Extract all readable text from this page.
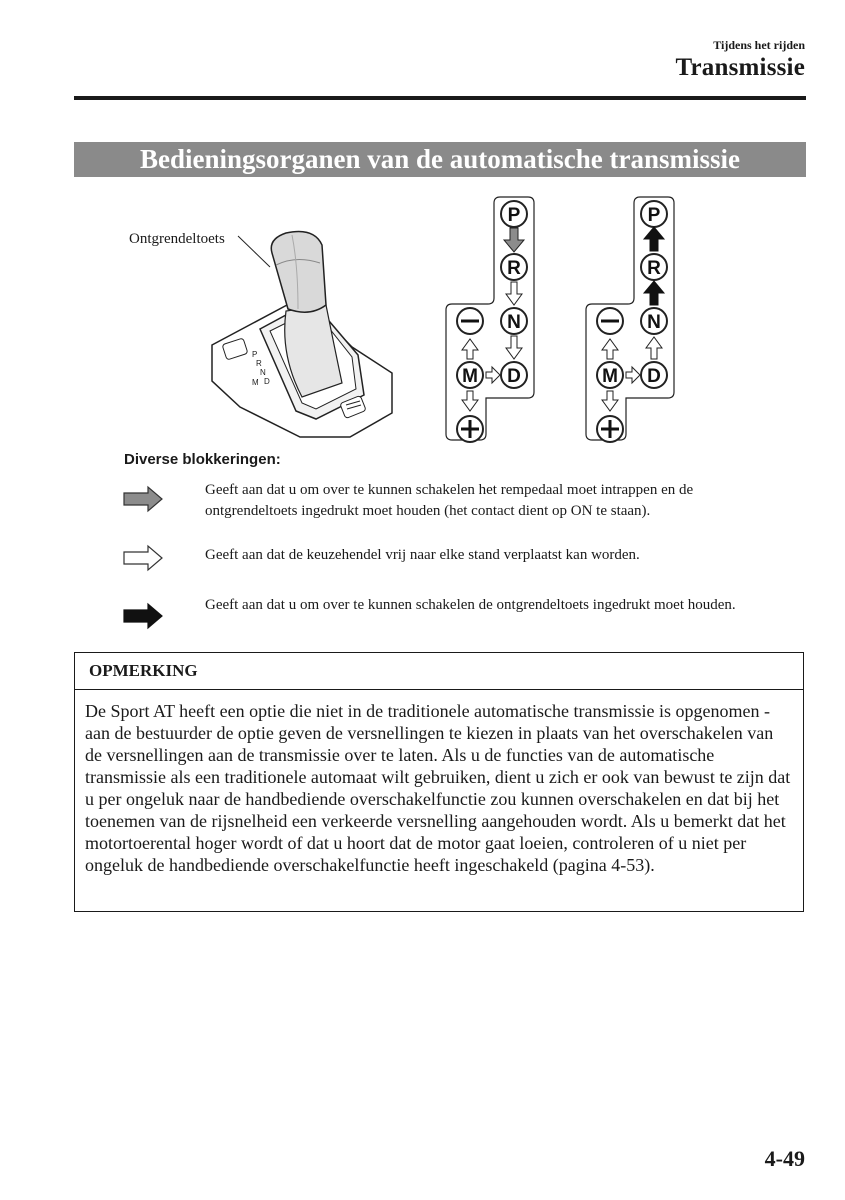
Tijdens het rijden
Transmissie
Bedieningsorganen van de automatische transmissie
Ontgrendeltoets
P
R
N
D
M
P
R
N
D
M
P
R
N
D
M
Diverse blokkeringen:
Geeft aan dat u om over te kunnen schakelen het rempedaal moet intrappen en de ontgrendeltoets ingedrukt moet houden (het contact dient op ON te staan).
Geeft aan dat de keuzehendel vrij naar elke stand verplaatst kan worden.
Geeft aan dat u om over te kunnen schakelen de ontgrendeltoets ingedrukt moet houden.
OPMERKING
De Sport AT heeft een optie die niet in de traditionele automatische transmissie is opgenomen - aan de bestuurder de optie geven de versnellingen te kiezen in plaats van het overschakelen van de versnellingen aan de transmissie over te laten. Als u de functies van de automatische transmissie als een traditionele automaat wilt gebruiken, dient u zich er ook van bewust te zijn dat u per ongeluk naar de handbediende overschakelfunctie zou kunnen overschakelen en dat bij het toenemen van de rijsnelheid een verkeerde versnelling aangehouden wordt. Als u bemerkt dat het motortoerental hoger wordt of dat u hoort dat de motor gaat loeien, controleren of u niet per ongeluk de handbediende overschakelfunctie heeft ingeschakeld (pagina 4-53).
4-49
